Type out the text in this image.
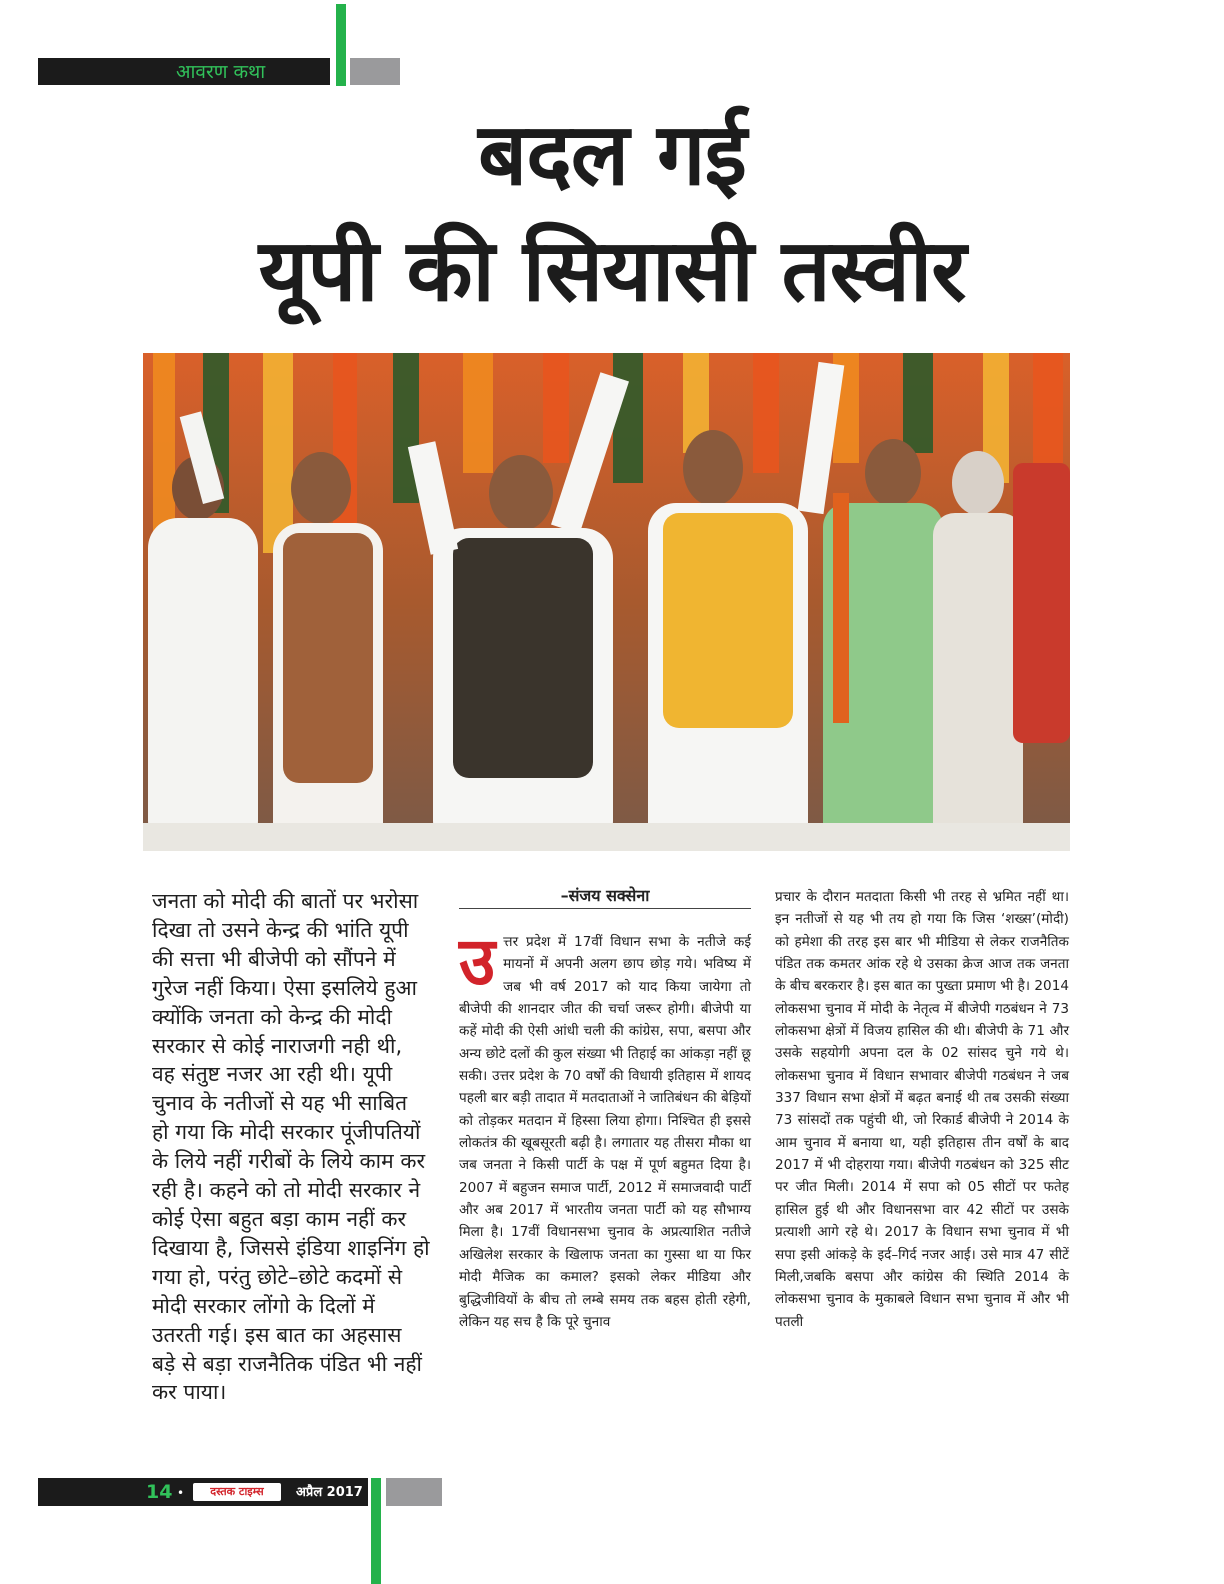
आवरण कथा
बदल गई
यूपी की सियासी तस्वीर
जनता को मोदी की बातों पर भरोसा दिखा तो उसने केन्द्र की भांति यूपी की सत्ता भी बीजेपी को सौंपने में गुरेज नहीं किया। ऐसा इसलिये हुआ क्योंकि जनता को केन्द्र की मोदी सरकार से कोई नाराजगी नही थी, वह संतुष्ट नजर आ रही थी। यूपी चुनाव के नतीजों से यह भी साबित हो गया कि मोदी सरकार पूंजीपतियों के लिये नहीं गरीबों के लिये काम कर रही है। कहने को तो मोदी सरकार ने कोई ऐसा बहुत बड़ा काम नहीं कर दिखाया है, जिससे इंडिया शाइनिंग हो गया हो, परंतु छोटे–छोटे कदमों से मोदी सरकार लोंगो के दिलों में उतरती गई। इस बात का अहसास बड़े से बड़ा राजनैतिक पंडित भी नहीं कर पाया।
–संजय सक्सेना
उत्तर प्रदेश में 17वीं विधान सभा के नतीजे कई मायनों में अपनी अलग छाप छोड़ गये। भविष्य में जब भी वर्ष 2017 को याद किया जायेगा तो बीजेपी की शानदार जीत की चर्चा जरूर होगी। बीजेपी या कहें मोदी की ऐसी आंधी चली की कांग्रेस, सपा, बसपा और अन्य छोटे दलों की कुल संख्या भी तिहाई का आंकड़ा नहीं छू सकी। उत्तर प्रदेश के 70 वर्षों की विधायी इतिहास में शायद पहली बार बड़ी तादात में मतदाताओं ने जातिबंधन की बेड़ियों को तोड़कर मतदान में हिस्सा लिया होगा। निश्चित ही इससे लोकतंत्र की खूबसूरती बढ़ी है। लगातार यह तीसरा मौका था जब जनता ने किसी पार्टी के पक्ष में पूर्ण बहुमत दिया है। 2007 में बहुजन समाज पार्टी, 2012 में समाजवादी पार्टी और अब 2017 में भारतीय जनता पार्टी को यह सौभाग्य मिला है। 17वीं विधानसभा चुनाव के अप्रत्याशित नतीजे अखिलेश सरकार के खिलाफ जनता का गुस्सा था या फिर मोदी मैजिक का कमाल? इसको लेकर मीडिया और बुद्धिजीवियों के बीच तो लम्बे समय तक बहस होती रहेगी, लेकिन यह सच है कि पूरे चुनाव
प्रचार के दौरान मतदाता किसी भी तरह से भ्रमित नहीं था। इन नतीजों से यह भी तय हो गया कि जिस ‘शख्स’(मोदी) को हमेशा की तरह इस बार भी मीडिया से लेकर राजनैतिक पंडित तक कमतर आंक रहे थे उसका क्रेज आज तक जनता के बीच बरकरार है। इस बात का पुख्ता प्रमाण भी है। 2014 लोकसभा चुनाव में मोदी के नेतृत्व में बीजेपी गठबंधन ने 73 लोकसभा क्षेत्रों में विजय हासिल की थी। बीजेपी के 71 और उसके सहयोगी अपना दल के 02 सांसद चुने गये थे। लोकसभा चुनाव में विधान सभावार बीजेपी गठबंधन ने जब 337 विधान सभा क्षेत्रों में बढ़त बनाई थी तब उसकी संख्या 73 सांसदों तक पहुंची थी, जो रिकार्ड बीजेपी ने 2014 के आम चुनाव में बनाया था, यही इतिहास तीन वर्षों के बाद 2017 में भी दोहराया गया। बीजेपी गठबंधन को 325 सीट पर जीत मिली। 2014 में सपा को 05 सीटों पर फतेह हासिल हुई थी और विधानसभा वार 42 सीटों पर उसके प्रत्याशी आगे रहे थे। 2017 के विधान सभा चुनाव में भी सपा इसी आंकड़े के इर्द–गिर्द नजर आई। उसे मात्र 47 सीटें मिली,जबकि बसपा और कांग्रेस की स्थिति 2014 के लोकसभा चुनाव के मुकाबले विधान सभा चुनाव में और भी पतली
14 •	दस्तक टाइम्स	अप्रैल 2017
